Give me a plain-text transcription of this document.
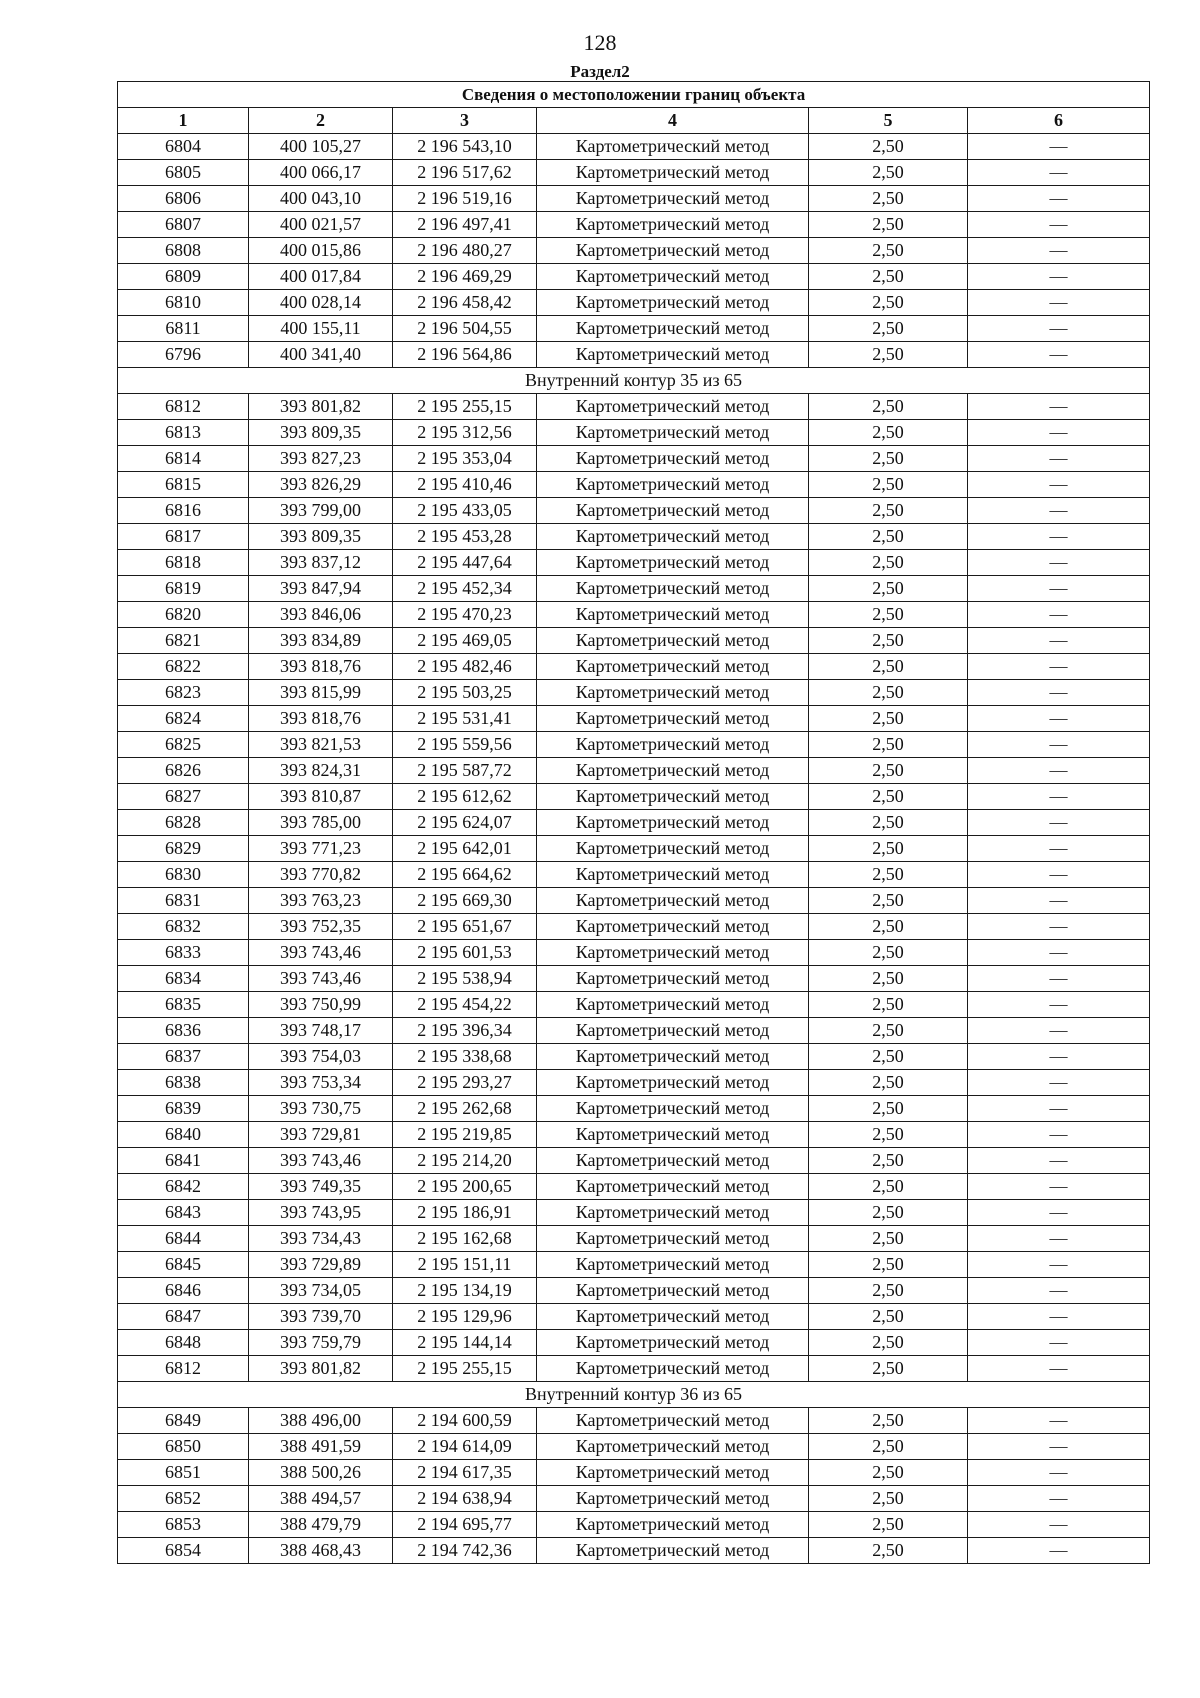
128
Раздел2
Сведения о местоположении границ объекта					
1	2	3	4	5	6
6804	400 105,27	2 196 543,10	Картометрический метод	2,50	—
6805	400 066,17	2 196 517,62	Картометрический метод	2,50	—
6806	400 043,10	2 196 519,16	Картометрический метод	2,50	—
6807	400 021,57	2 196 497,41	Картометрический метод	2,50	—
6808	400 015,86	2 196 480,27	Картометрический метод	2,50	—
6809	400 017,84	2 196 469,29	Картометрический метод	2,50	—
6810	400 028,14	2 196 458,42	Картометрический метод	2,50	—
6811	400 155,11	2 196 504,55	Картометрический метод	2,50	—
6796	400 341,40	2 196 564,86	Картометрический метод	2,50	—
Внутренний контур 35 из 65					
6812	393 801,82	2 195 255,15	Картометрический метод	2,50	—
6813	393 809,35	2 195 312,56	Картометрический метод	2,50	—
6814	393 827,23	2 195 353,04	Картометрический метод	2,50	—
6815	393 826,29	2 195 410,46	Картометрический метод	2,50	—
6816	393 799,00	2 195 433,05	Картометрический метод	2,50	—
6817	393 809,35	2 195 453,28	Картометрический метод	2,50	—
6818	393 837,12	2 195 447,64	Картометрический метод	2,50	—
6819	393 847,94	2 195 452,34	Картометрический метод	2,50	—
6820	393 846,06	2 195 470,23	Картометрический метод	2,50	—
6821	393 834,89	2 195 469,05	Картометрический метод	2,50	—
6822	393 818,76	2 195 482,46	Картометрический метод	2,50	—
6823	393 815,99	2 195 503,25	Картометрический метод	2,50	—
6824	393 818,76	2 195 531,41	Картометрический метод	2,50	—
6825	393 821,53	2 195 559,56	Картометрический метод	2,50	—
6826	393 824,31	2 195 587,72	Картометрический метод	2,50	—
6827	393 810,87	2 195 612,62	Картометрический метод	2,50	—
6828	393 785,00	2 195 624,07	Картометрический метод	2,50	—
6829	393 771,23	2 195 642,01	Картометрический метод	2,50	—
6830	393 770,82	2 195 664,62	Картометрический метод	2,50	—
6831	393 763,23	2 195 669,30	Картометрический метод	2,50	—
6832	393 752,35	2 195 651,67	Картометрический метод	2,50	—
6833	393 743,46	2 195 601,53	Картометрический метод	2,50	—
6834	393 743,46	2 195 538,94	Картометрический метод	2,50	—
6835	393 750,99	2 195 454,22	Картометрический метод	2,50	—
6836	393 748,17	2 195 396,34	Картометрический метод	2,50	—
6837	393 754,03	2 195 338,68	Картометрический метод	2,50	—
6838	393 753,34	2 195 293,27	Картометрический метод	2,50	—
6839	393 730,75	2 195 262,68	Картометрический метод	2,50	—
6840	393 729,81	2 195 219,85	Картометрический метод	2,50	—
6841	393 743,46	2 195 214,20	Картометрический метод	2,50	—
6842	393 749,35	2 195 200,65	Картометрический метод	2,50	—
6843	393 743,95	2 195 186,91	Картометрический метод	2,50	—
6844	393 734,43	2 195 162,68	Картометрический метод	2,50	—
6845	393 729,89	2 195 151,11	Картометрический метод	2,50	—
6846	393 734,05	2 195 134,19	Картометрический метод	2,50	—
6847	393 739,70	2 195 129,96	Картометрический метод	2,50	—
6848	393 759,79	2 195 144,14	Картометрический метод	2,50	—
6812	393 801,82	2 195 255,15	Картометрический метод	2,50	—
Внутренний контур 36 из 65					
6849	388 496,00	2 194 600,59	Картометрический метод	2,50	—
6850	388 491,59	2 194 614,09	Картометрический метод	2,50	—
6851	388 500,26	2 194 617,35	Картометрический метод	2,50	—
6852	388 494,57	2 194 638,94	Картометрический метод	2,50	—
6853	388 479,79	2 194 695,77	Картометрический метод	2,50	—
6854	388 468,43	2 194 742,36	Картометрический метод	2,50	—
